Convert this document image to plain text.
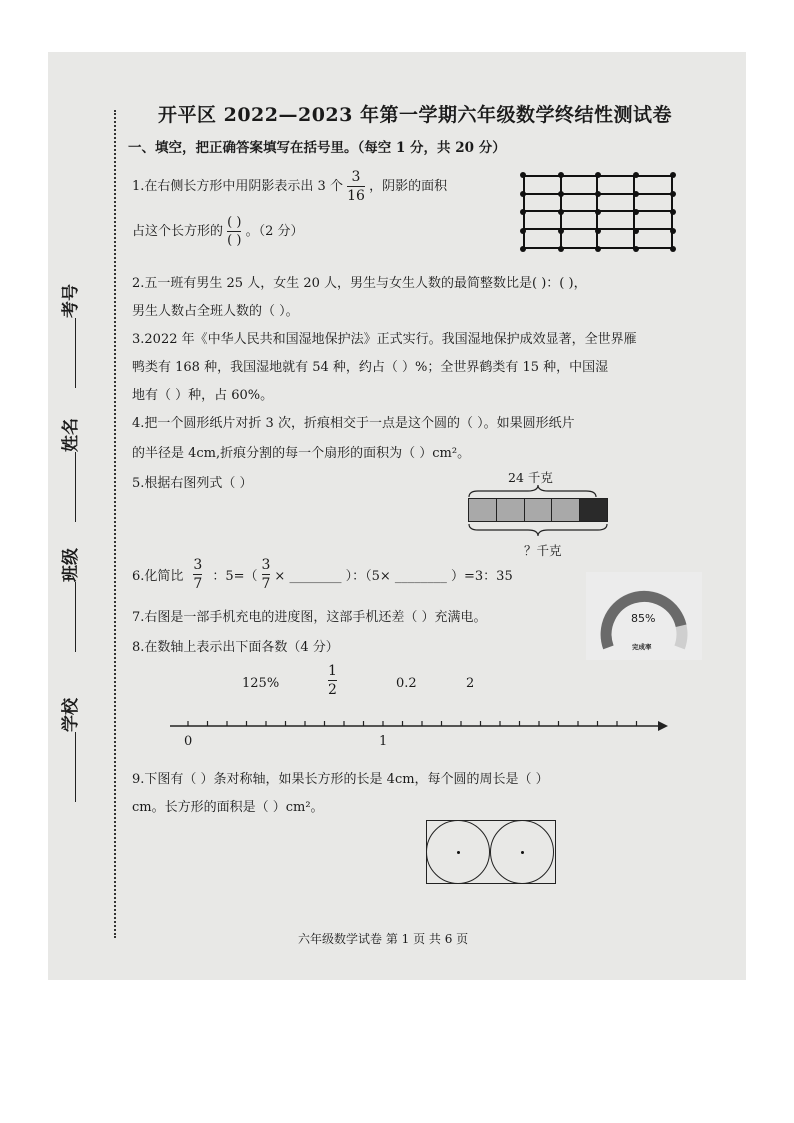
考号
姓名
班级
学校
开平区 2022—2023 年第一学期六年级数学终结性测试卷
一、填空，把正确答案填写在括号里。（每空 1 分，共 20 分）
1.在右侧长方形中用阴影表示出 3 个 $\frac{3}{16}$ ，阴影的面积
占这个长方形的 $\frac{( )}{( )}$ 。（2 分）
2.五一班有男生 25 人，女生 20 人，男生与女生人数的最简整数比是( )：( )，
男生人数占全班人数的（ ）。
3.2022 年《中华人民共和国湿地保护法》正式实行。我国湿地保护成效显著，全世界雁
鸭类有 168 种，我国湿地就有 54 种，约占（ ）%；全世界鹤类有 15 种，中国湿
地有（ ）种，占 60%。
4.把一个圆形纸片对折 3 次，折痕相交于一点是这个圆的（ ）。如果圆形纸片
的半径是 4cm,折痕分割的每一个扇形的面积为（ ）cm²。
5.根据右图列式（ ）	24 千克
？千克
6.化简比 $\frac{3}{7}$ ：$5=( \frac{3}{7}$ × ________ ）：（5× ________ ）=3：35
7.右图是一部手机充电的进度图，这部手机还差（ ）充满电。	85%
完成率
8.在数轴上表示出下面各数（4 分）
125%	$\frac{1}{2}$	0.2	2
0	1
9.下图有（ ）条对称轴，如果长方形的长是 4cm，每个圆的周长是（ ）
cm。长方形的面积是（ ）cm²。
六年级数学试卷 第 1 页 共 6 页
